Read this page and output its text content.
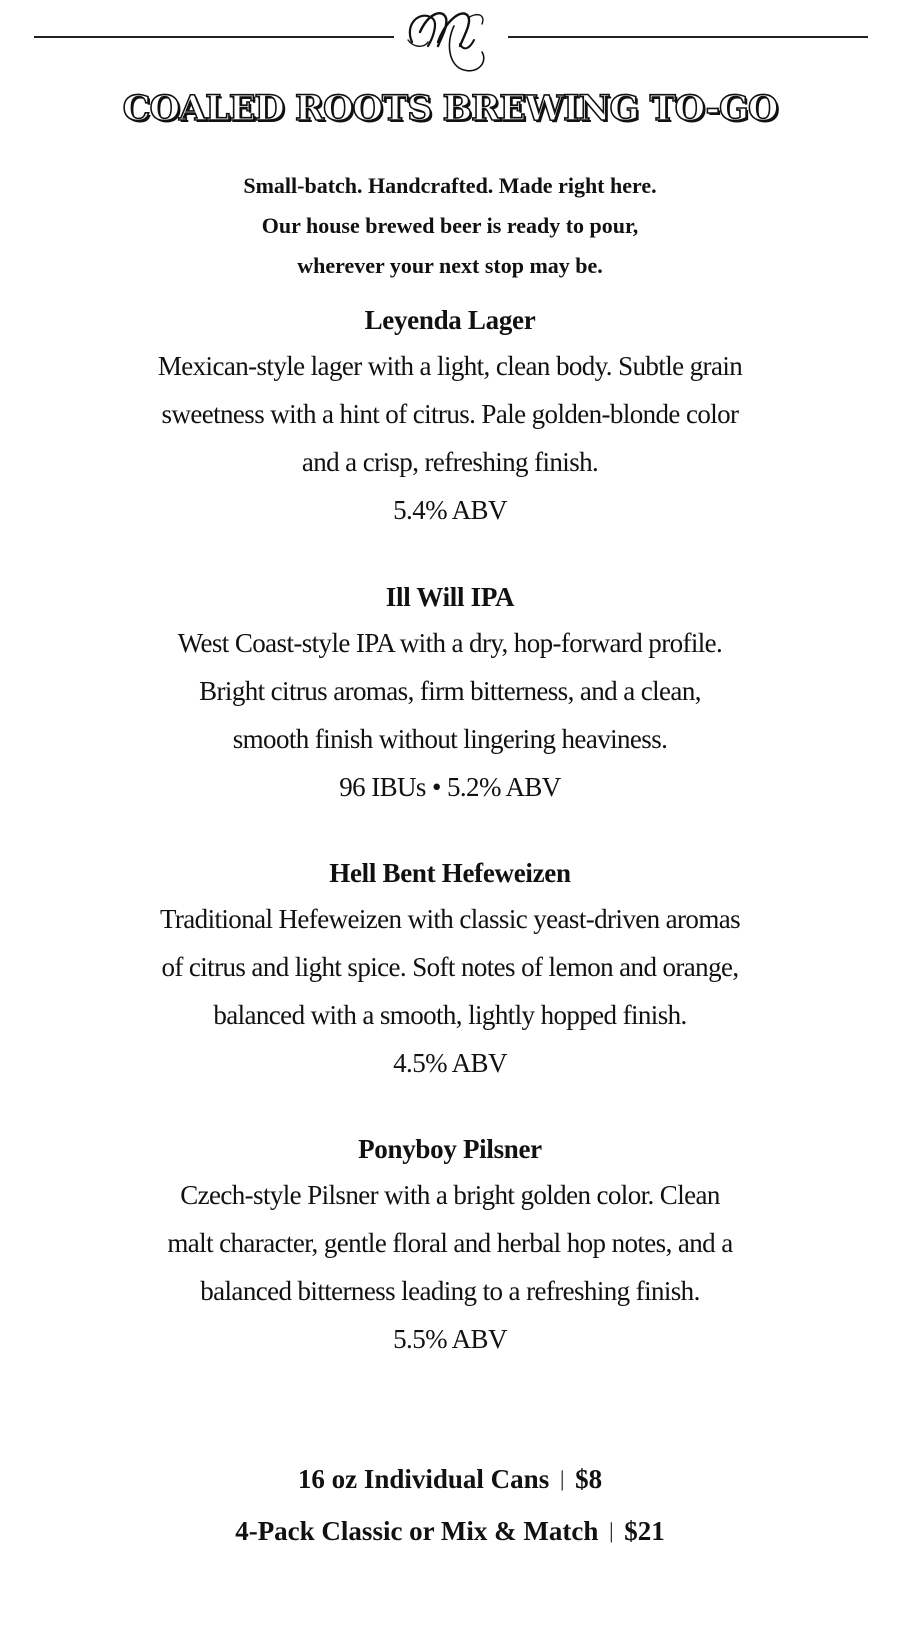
COALED ROOTS BREWING TO-GO
Small-batch. Handcrafted. Made right here.
Our house brewed beer is ready to pour,
wherever your next stop may be.
Leyenda Lager
Mexican-style lager with a light, clean body. Subtle grain
sweetness with a hint of citrus. Pale golden-blonde color
and a crisp, refreshing finish.
5.4% ABV
Ill Will IPA
West Coast-style IPA with a dry, hop-forward profile.
Bright citrus aromas, firm bitterness, and a clean,
smooth finish without lingering heaviness.
96 IBUs • 5.2% ABV
Hell Bent Hefeweizen
Traditional Hefeweizen with classic yeast-driven aromas
of citrus and light spice. Soft notes of lemon and orange,
balanced with a smooth, lightly hopped finish.
4.5% ABV
Ponyboy Pilsner
Czech-style Pilsner with a bright golden color. Clean
malt character, gentle floral and herbal hop notes, and a
balanced bitterness leading to a refreshing finish.
5.5% ABV
16 oz Individual Cans | $8
4-Pack Classic or Mix & Match | $21
